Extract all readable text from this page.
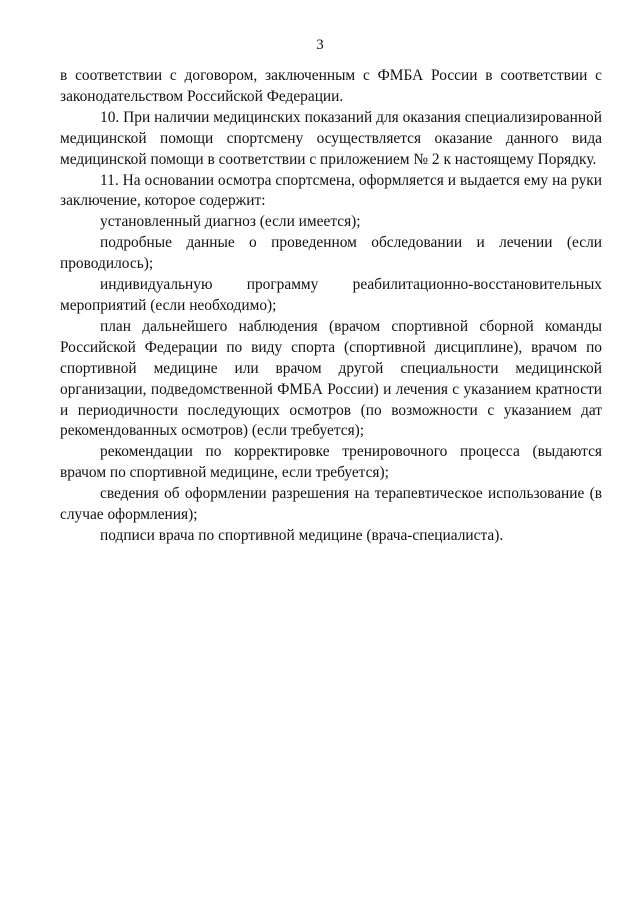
3

в соответствии с договором, заключенным с ФМБА России в соответствии с законодательством Российской Федерации.

10. При наличии медицинских показаний для оказания специализированной медицинской помощи спортсмену осуществляется оказание данного вида медицинской помощи в соответствии с приложением № 2 к настоящему Порядку.

11. На основании осмотра спортсмена, оформляется и выдается ему на руки заключение, которое содержит:

установленный диагноз (если имеется);

подробные данные о проведенном обследовании и лечении (если проводилось);

индивидуальную программу реабилитационно-восстановительных мероприятий (если необходимо);

план дальнейшего наблюдения (врачом спортивной сборной команды Российской Федерации по виду спорта (спортивной дисциплине), врачом по спортивной медицине или врачом другой специальности медицинской организации, подведомственной ФМБА России) и лечения с указанием кратности и периодичности последующих осмотров (по возможности с указанием дат рекомендованных осмотров) (если требуется);

рекомендации по корректировке тренировочного процесса (выдаются врачом по спортивной медицине, если требуется);

сведения об оформлении разрешения на терапевтическое использование (в случае оформления);

подписи врача по спортивной медицине (врача-специалиста).
